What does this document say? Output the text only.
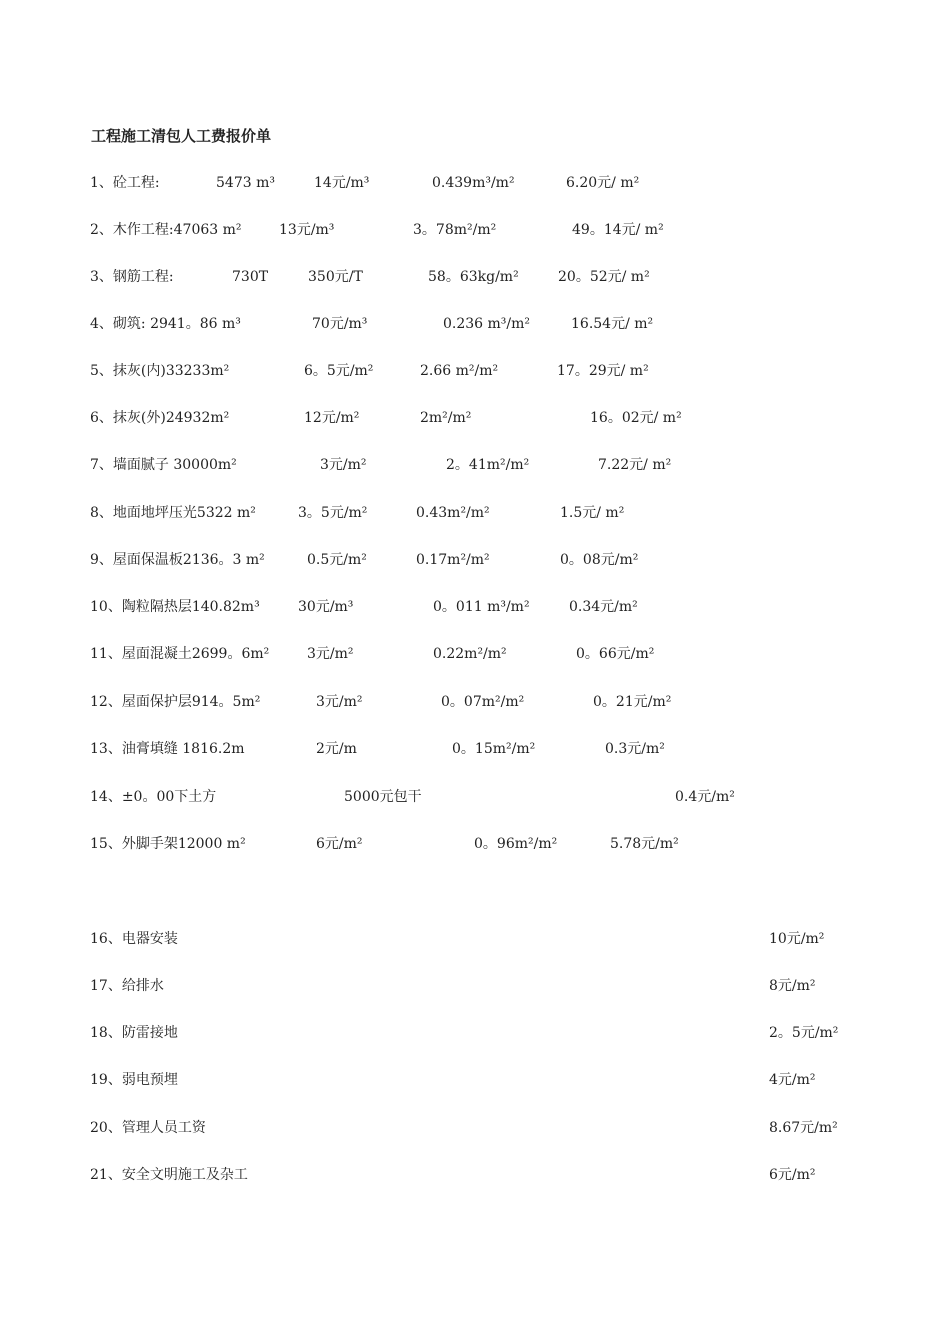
工程施工清包人工费报价单
1、砼工程:	5473 m³	14元/m³	0.439m³/m²	6.20元/ m²
2、木作工程:47063 m²	13元/m³	3。78m²/m²	49。14元/ m²
3、钢筋工程:	730T	350元/T	58。63kg/m²	20。52元/ m²
4、砌筑: 2941。86 m³	70元/m³	0.236 m³/m²	16.54元/ m²
5、抹灰(内)33233m²	6。5元/m²	2.66 m²/m²	17。29元/ m²
6、抹灰(外)24932m²	12元/m²	2m²/m²	16。02元/ m²
7、墙面腻子 30000m²	3元/m²	2。41m²/m²	7.22元/ m²
8、地面地坪压光5322 m²	3。5元/m²	0.43m²/m²	1.5元/ m²
9、屋面保温板2136。3 m²	0.5元/m²	0.17m²/m²	0。08元/m²
10、陶粒隔热层140.82m³	30元/m³	0。011 m³/m²	0.34元/m²
11、屋面混凝土2699。6m²	3元/m²	0.22m²/m²	0。66元/m²
12、屋面保护层914。5m²	3元/m²	0。07m²/m²	0。21元/m²
13、油膏填缝 1816.2m	2元/m	0。15m²/m²	0.3元/m²
14、±0。00下土方	5000元包干	0.4元/m²
15、外脚手架12000 m²	6元/m²	0。96m²/m²	5.78元/m²
16、电器安装	10元/m²
17、给排水	8元/m²
18、防雷接地	2。5元/m²
19、弱电预埋	4元/m²
20、管理人员工资	8.67元/m²
21、安全文明施工及杂工	6元/m²
